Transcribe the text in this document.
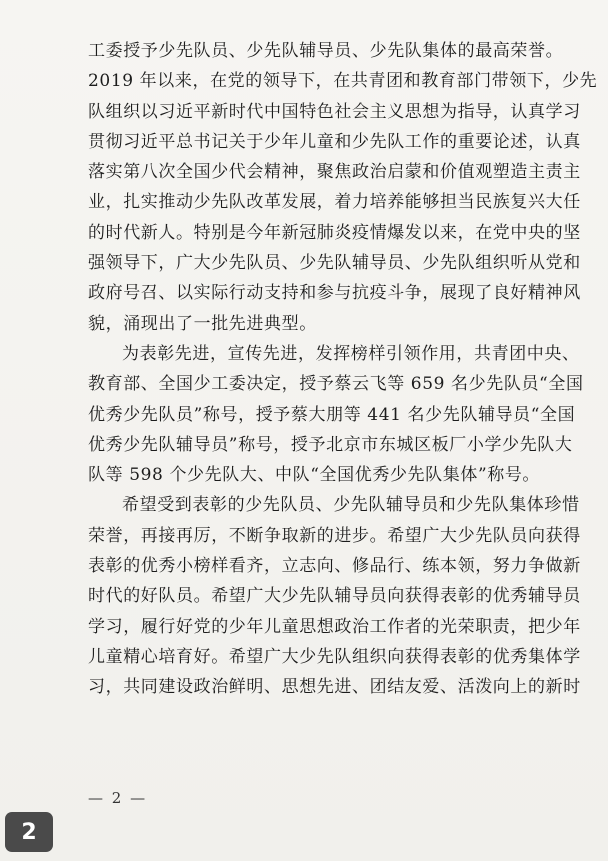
工委授予少先队员、少先队辅导员、少先队集体的最高荣誉。
2019 年以来，在党的领导下，在共青团和教育部门带领下，少先
队组织以习近平新时代中国特色社会主义思想为指导，认真学习
贯彻习近平总书记关于少年儿童和少先队工作的重要论述，认真
落实第八次全国少代会精神，聚焦政治启蒙和价值观塑造主责主
业，扎实推动少先队改革发展，着力培养能够担当民族复兴大任
的时代新人。特别是今年新冠肺炎疫情爆发以来，在党中央的坚
强领导下，广大少先队员、少先队辅导员、少先队组织听从党和
政府号召、以实际行动支持和参与抗疫斗争，展现了良好精神风
貌，涌现出了一批先进典型。
为表彰先进，宣传先进，发挥榜样引领作用，共青团中央、
教育部、全国少工委决定，授予蔡云飞等 659 名少先队员“全国
优秀少先队员”称号，授予蔡大朋等 441 名少先队辅导员“全国
优秀少先队辅导员”称号，授予北京市东城区板厂小学少先队大
队等 598 个少先队大、中队“全国优秀少先队集体”称号。
希望受到表彰的少先队员、少先队辅导员和少先队集体珍惜
荣誉，再接再厉，不断争取新的进步。希望广大少先队员向获得
表彰的优秀小榜样看齐，立志向、修品行、练本领，努力争做新
时代的好队员。希望广大少先队辅导员向获得表彰的优秀辅导员
学习，履行好党的少年儿童思想政治工作者的光荣职责，把少年
儿童精心培育好。希望广大少先队组织向获得表彰的优秀集体学
习，共同建设政治鲜明、思想先进、团结友爱、活泼向上的新时
— 2 —
2
